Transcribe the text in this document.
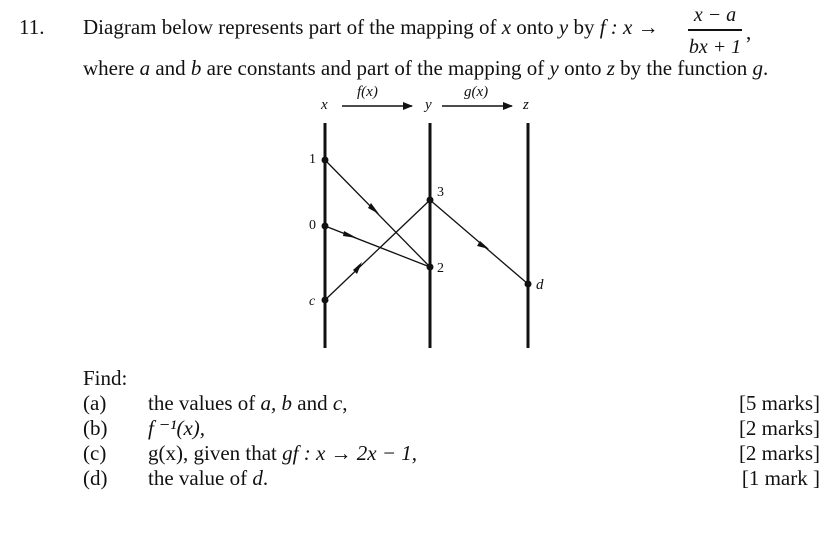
11. Diagram below represents part of the mapping of x onto y by f : x → x − a
bx + 1
,
where a and b are constants and part of the mapping of y onto z by the function g.
f(x)	g(x)
x	y	z
1
0
c
3
2
d
Find:
(a) the values of a, b and c,	[5 marks]
(b) f ⁻¹(x),	[2 marks]
(c) g(x), given that gf : x → 2x − 1,	[2 marks]
(d) the value of d.	[1 mark ]
